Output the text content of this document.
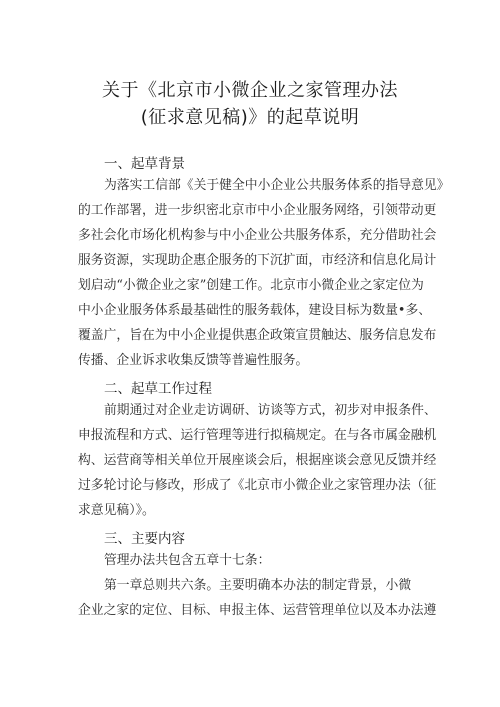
关于《北京市小微企业之家管理办法
(征求意见稿)》的起草说明
一、起草背景
为落实工信部《关于健全中小企业公共服务体系的指导意见》
的工作部署，进一步织密北京市中小企业服务网络，引领带动更
多社会化市场化机构参与中小企业公共服务体系，充分借助社会
服务资源，实现助企惠企服务的下沉扩面，市经济和信息化局计
划启动“小微企业之家”创建工作。北京市小微企业之家定位为
中小企业服务体系最基础性的服务载体，建设目标为数量•多、
覆盖广，旨在为中小企业提供惠企政策宣贯触达、服务信息发布
传播、企业诉求收集反馈等普遍性服务。
二、起草工作过程
前期通过对企业走访调研、访谈等方式，初步对申报条件、
申报流程和方式、运行管理等进行拟稿规定。在与各市属金融机
构、运营商等相关单位开展座谈会后，根据座谈会意见反馈并经
过多轮讨论与修改，形成了《北京市小微企业之家管理办法（征
求意见稿）》。
三、主要内容
管理办法共包含五章十七条：
第一章总则共六条。主要明确本办法的制定背景，小微
企业之家的定位、目标、申报主体、运营管理单位以及本办法遵
